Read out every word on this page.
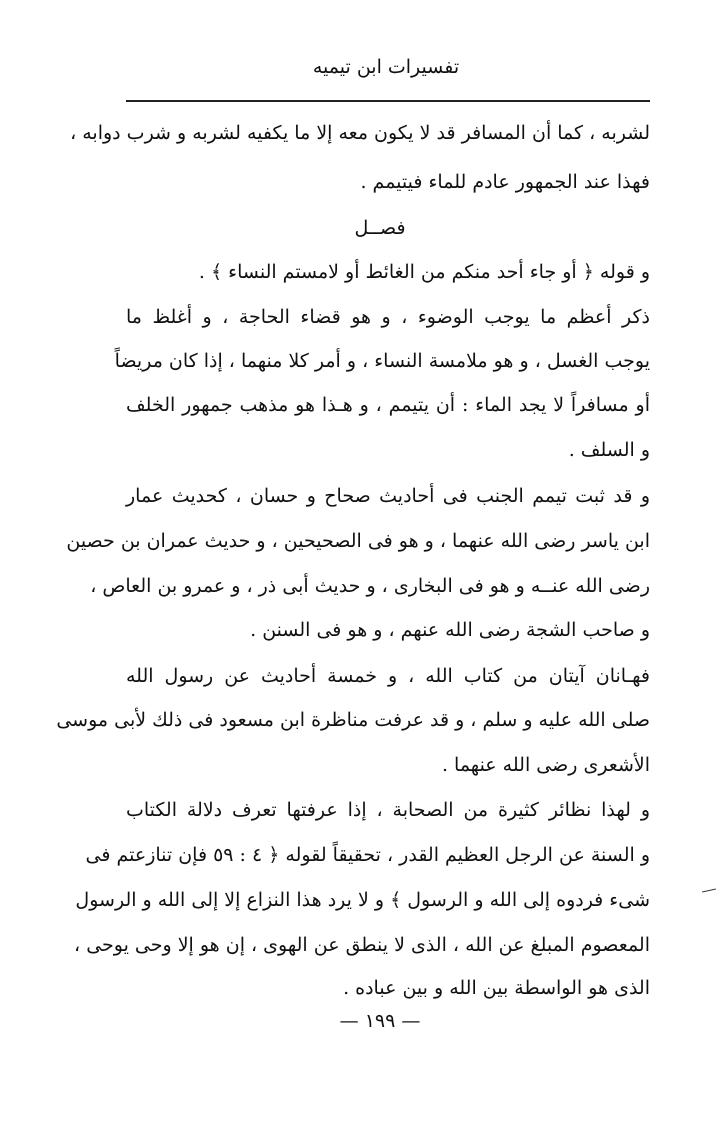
تفسيرات ابن تيميه
لشربه ، كما أن المسافر قد لا يكون معه إلا ما يكفيه لشربه و شرب دوابه ،
فهذا عند الجمهور عادم للماء فيتيمم .
فصــل
و قوله ﴿ أو جاء أحد منكم من الغائط أو لامستم النساء ﴾ .
ذكر أعظم ما يوجب الوضوء ، و هو قضاء الحاجة ، و أغلظ ما
يوجب الغسل ، و هو ملامسة النساء ، و أمر كلا منهما ، إذا كان مريضاً
أو مسافراً لا يجد الماء : أن يتيمم ، و هـذا هو مذهب جمهور الخلف
و السلف .
و قد ثبت تيمم الجنب فى أحاديث صحاح و حسان ، كحديث عمار
ابن ياسر رضى الله عنهما ، و هو فى الصحيحين ، و حديث عمران بن حصين
رضى الله عنــه و هو فى البخارى ، و حديث أبى ذر ، و عمرو بن العاص ،
و صاحب الشجة رضى الله عنهم ، و هو فى السنن .
فهـانان آيتان من كتاب الله ، و خمسة أحاديث عن رسول الله
صلى الله عليه و سلم ، و قد عرفت مناظرة ابن مسعود فى ذلك لأبى موسى
الأشعرى رضى الله عنهما .
و لهذا نظائر كثيرة من الصحابة ، إذا عرفتها تعرف دلالة الكتاب
و السنة عن الرجل العظيم القدر ، تحقيقاً لقوله ﴿ ٤ : ٥٩ فإن تنازعتم فى
شىء فردوه إلى الله و الرسول ﴾ و لا يرد هذا النزاع إلا إلى الله و الرسول
المعصوم المبلغ عن الله ، الذى لا ينطق عن الهوى ، إن هو إلا وحى يوحى ،
الذى هو الواسطة بين الله و بين عباده .
— ١٩٩ —
